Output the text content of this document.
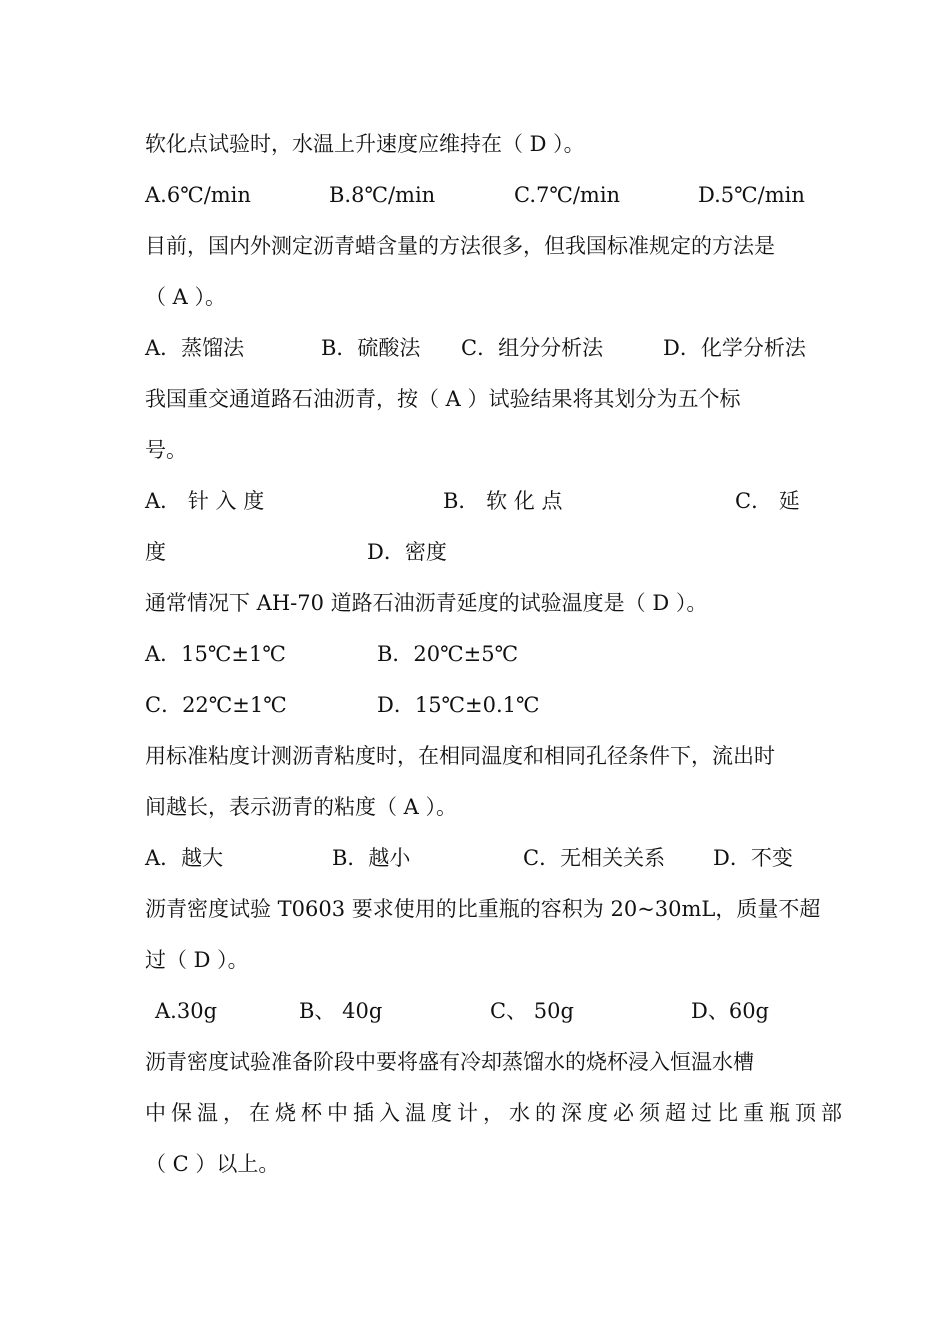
软化点试验时，水温上升速度应维持在（ D ）。
A.6℃/min	B.8℃/min	C.7℃/min	D.5℃/min
目前，国内外测定沥青蜡含量的方法很多，但我国标准规定的方法是
（ A ）。
A．蒸馏法	B．硫酸法 C．组分分析法	D．化学分析法
我国重交通道路石油沥青，按（ A ）试验结果将其划分为五个标
号。
A． 针 入 度	B． 软 化 点	C． 延
度	D．密度
通常情况下 AH-70 道路石油沥青延度的试验温度是（ D ）。
A．15℃±1℃	B．20℃±5℃
C．22℃±1℃	D．15℃±0.1℃
用标准粘度计测沥青粘度时，在相同温度和相同孔径条件下，流出时
间越长，表示沥青的粘度（ A ）。
A．越大	B．越小	C．无相关关系 D．不变
沥青密度试验 T0603 要求使用的比重瓶的容积为 20~30mL，质量不超
过（ D ）。
A.30g	B、 40g	C、 50g	D、60g
沥青密度试验准备阶段中要将盛有冷却蒸馏水的烧杯浸入恒温水槽
中保温，在烧杯中插入温度计，水的深度必须超过比重瓶顶部
（ C ）以上。
